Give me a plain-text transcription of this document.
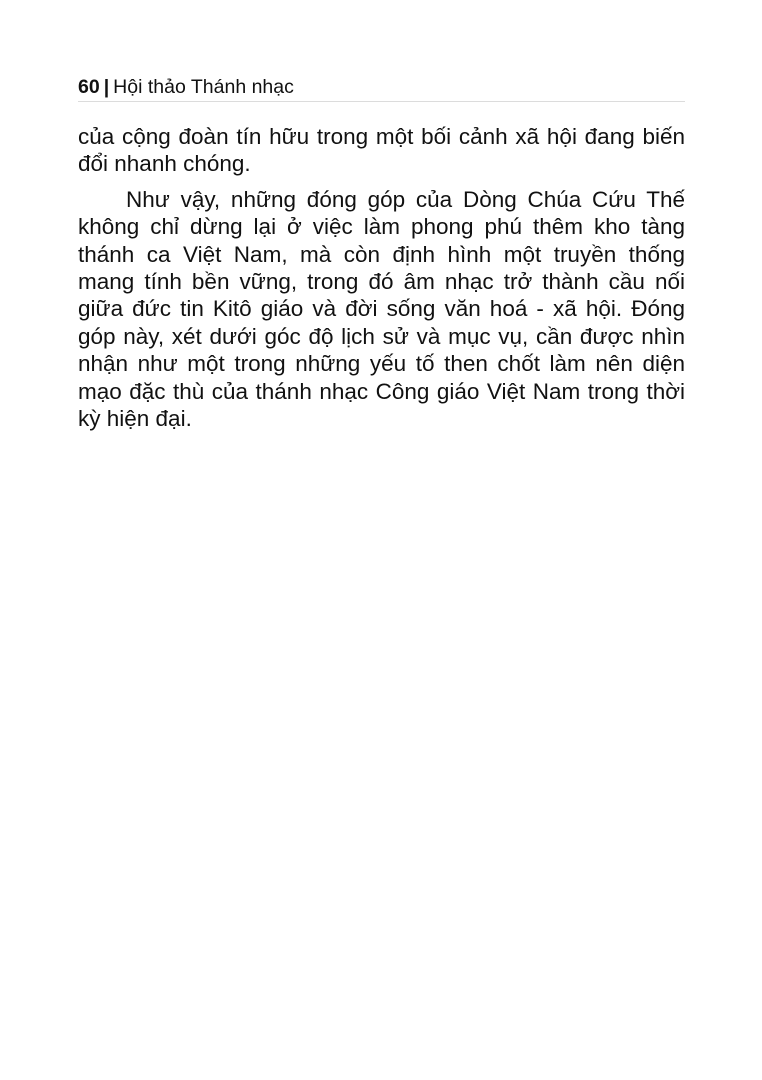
60 | Hội thảo Thánh nhạc

của cộng đoàn tín hữu trong một bối cảnh xã hội đang biến đổi nhanh chóng.

Như vậy, những đóng góp của Dòng Chúa Cứu Thế không chỉ dừng lại ở việc làm phong phú thêm kho tàng thánh ca Việt Nam, mà còn định hình một truyền thống mang tính bền vững, trong đó âm nhạc trở thành cầu nối giữa đức tin Kitô giáo và đời sống văn hoá - xã hội. Đóng góp này, xét dưới góc độ lịch sử và mục vụ, cần được nhìn nhận như một trong những yếu tố then chốt làm nên diện mạo đặc thù của thánh nhạc Công giáo Việt Nam trong thời kỳ hiện đại.
